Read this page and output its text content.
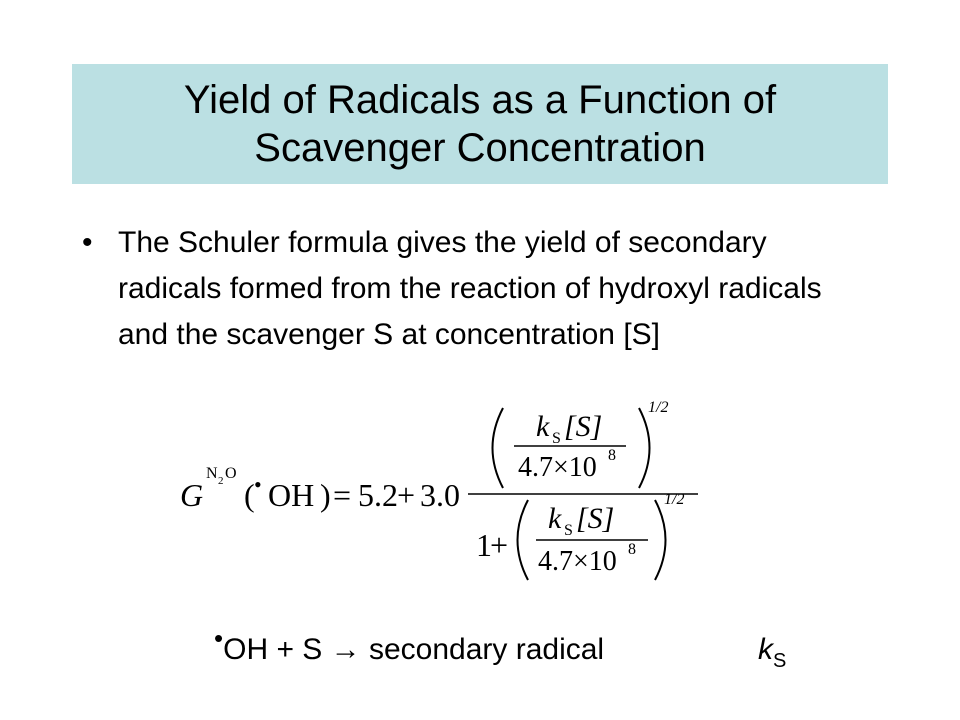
Yield of Radicals as a Function of
Scavenger Concentration
• The Schuler formula gives the yield of secondary radicals formed from the reaction of hydroxyl radicals and the scavenger S at concentration [S]
G
N 2 O
( • OH ) = 5.2 + 3.0
k S [S]
4.7×10 8
1/2
1
+
k S [S]
4.7×10 8
1/2
•OH + S → secondary radical	$k_S$
